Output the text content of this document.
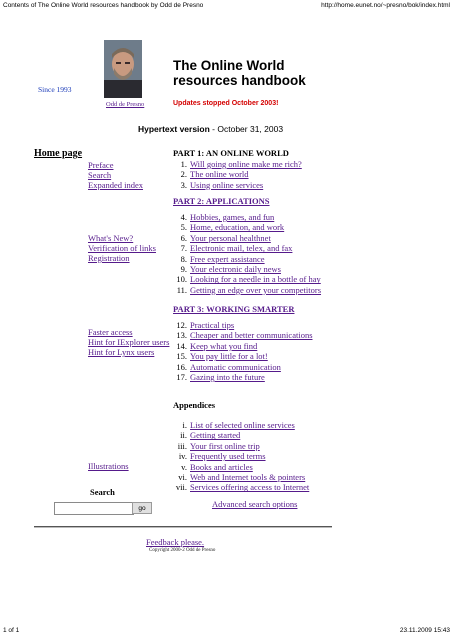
Contents of The Online World resources handbook by Odd de Presno	http://home.eunet.no/~presno/bok/index.html
1 of 1	23.11.2009 15:43
Since 1993
Odd de Presno
The Online World
resources handbook
Updates stopped October 2003!
Hypertext version - October 31, 2003
Home page
Preface
Search
Expanded index
What's New?
Verification of links
Registration
Faster access
Hint for IExplorer users
Hint for Lynx users
Illustrations
PART 1: AN ONLINE WORLD
1. Will going online make me rich?
2. The online world
3. Using online services
PART 2: APPLICATIONS
4. Hobbies, games, and fun
5. Home, education, and work
6. Your personal healthnet
7. Electronic mail, telex, and fax
8. Free expert assistance
9. Your electronic daily news
10. Looking for a needle in a bottle of hay
11. Getting an edge over your competitors
PART 3: WORKING SMARTER
12. Practical tips
13. Cheaper and better communications
14. Keep what you find
15. You pay little for a lot!
16. Automatic communication
17. Gazing into the future
Appendices
i. List of selected online services
ii. Getting started
iii. Your first online trip
iv. Frequently used terms
v. Books and articles
vi. Web and Internet tools & pointers
vii. Services offering access to Internet
Search
go	Advanced search options
Feedback please.
Copyright 2000-2 Odd de Presno
